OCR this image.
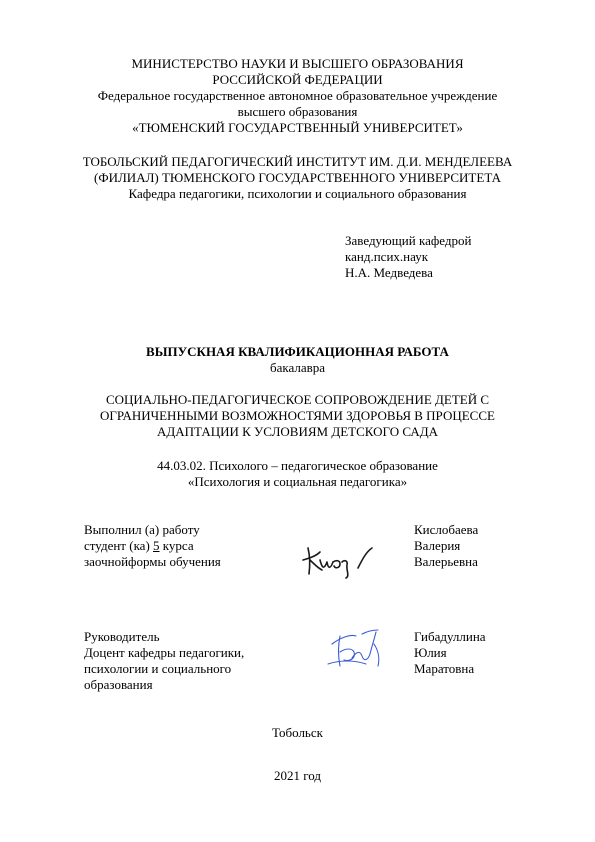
МИНИСТЕРСТВО НАУКИ И ВЫСШЕГО ОБРАЗОВАНИЯ
РОССИЙСКОЙ ФЕДЕРАЦИИ
Федеральное государственное автономное образовательное учреждение
высшего образования
«ТЮМЕНСКИЙ ГОСУДАРСТВЕННЫЙ УНИВЕРСИТЕТ»
ТОБОЛЬСКИЙ ПЕДАГОГИЧЕСКИЙ ИНСТИТУТ ИМ. Д.И. МЕНДЕЛЕЕВА
(ФИЛИАЛ) ТЮМЕНСКОГО ГОСУДАРСТВЕННОГО УНИВЕРСИТЕТА
Кафедра педагогики, психологии и социального образования
Заведующий кафедрой
канд.псих.наук
Н.А. Медведева
ВЫПУСКНАЯ КВАЛИФИКАЦИОННАЯ РАБОТА
бакалавра
СОЦИАЛЬНО-ПЕДАГОГИЧЕСКОЕ СОПРОВОЖДЕНИЕ ДЕТЕЙ С
ОГРАНИЧЕННЫМИ ВОЗМОЖНОСТЯМИ ЗДОРОВЬЯ В ПРОЦЕССЕ
АДАПТАЦИИ К УСЛОВИЯМ ДЕТСКОГО САДА
44.03.02. Психолого – педагогическое образование
«Психология и социальная педагогика»
Выполнил (а) работу
студент (ка) 5 курса
заочнойформы обучения
Кислобаева
Валерия
Валерьевна
Руководитель
Доцент кафедры педагогики,
психологии и социального
образования
Гибадуллина
Юлия
Маратовна
Тобольск
2021 год
